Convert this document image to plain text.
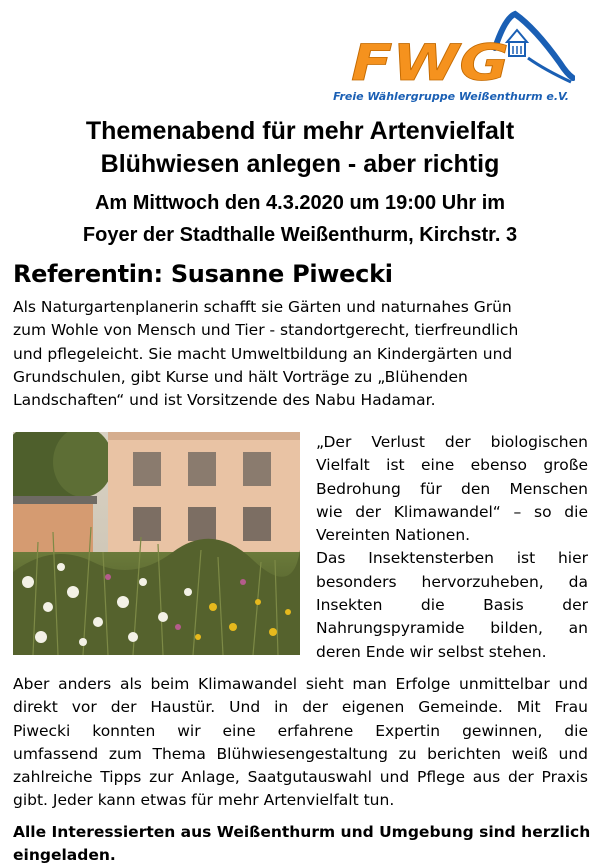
FWG
Freie Wählergruppe Weißenthurm e.V.
Themenabend für mehr Artenvielfalt
Blühwiesen anlegen - aber richtig
Am Mittwoch den 4.3.2020 um 19:00 Uhr im
Foyer der Stadthalle Weißenthurm, Kirchstr. 3
Referentin: Susanne Piwecki
Als Naturgartenplanerin schafft sie Gärten und naturnahes Grün
zum Wohle von Mensch und Tier - standortgerecht, tierfreundlich
und pflegeleicht. Sie macht Umweltbildung an Kindergärten und
Grundschulen, gibt Kurse und hält Vorträge zu „Blühenden
Landschaften“ und ist Vorsitzende des Nabu Hadamar.
„Der Verlust der biologischen
Vielfalt ist eine ebenso große
Bedrohung für den Menschen
wie der Klimawandel“ – so die
Vereinten Nationen.
Das Insektensterben ist hier
besonders hervorzuheben, da
Insekten die Basis der
Nahrungspyramide bilden, an
deren Ende wir selbst stehen.
Aber anders als beim Klimawandel sieht man Erfolge unmittelbar und
direkt vor der Haustür. Und in der eigenen Gemeinde. Mit Frau
Piwecki konnten wir eine erfahrene Expertin gewinnen, die
umfassend zum Thema Blühwiesengestaltung zu berichten weiß und
zahlreiche Tipps zur Anlage, Saatgutauswahl und Pflege aus der Praxis
gibt. Jeder kann etwas für mehr Artenvielfalt tun.
Alle Interessierten aus Weißenthurm und Umgebung sind herzlich
eingeladen.
